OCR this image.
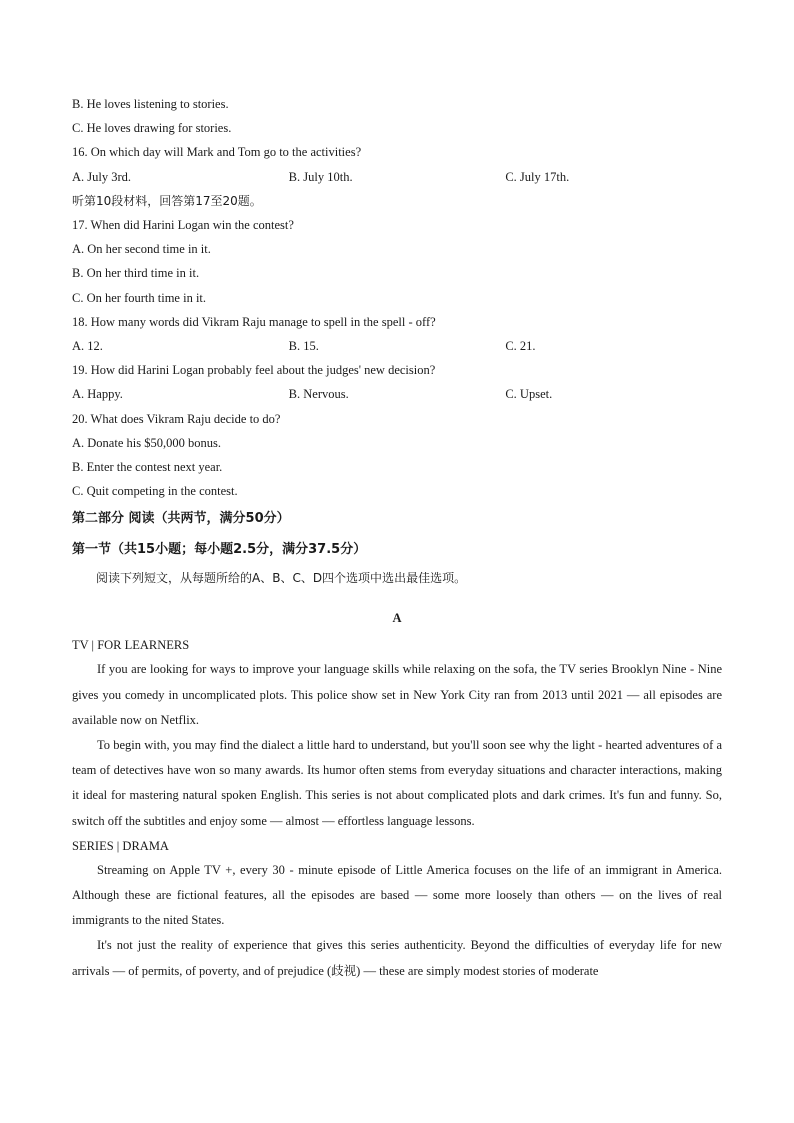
B. He loves listening to stories.
C. He loves drawing for stories.
16. On which day will Mark and Tom go to the activities?
A. July 3rd.	B. July 10th.	C. July 17th.
听第10段材料，回答第17至20题。
17. When did Harini Logan win the contest?
A. On her second time in it.
B. On her third time in it.
C. On her fourth time in it.
18. How many words did Vikram Raju manage to spell in the spell - off?
A. 12.	B. 15.	C. 21.
19. How did Harini Logan probably feel about the judges' new decision?
A. Happy.	B. Nervous.	C. Upset.
20. What does Vikram Raju decide to do?
A. Donate his $50,000 bonus.
B. Enter the contest next year.
C. Quit competing in the contest.
第二部分 阅读（共两节，满分50分）
第一节（共15小题；每小题2.5分，满分37.5分）
阅读下列短文，从每题所给的A、B、C、D四个选项中选出最佳选项。
A
TV | FOR LEARNERS

If you are looking for ways to improve your language skills while relaxing on the sofa, the TV series Brooklyn Nine - Nine gives you comedy in uncomplicated plots. This police show set in New York City ran from 2013 until 2021 — all episodes are available now on Netflix.

To begin with, you may find the dialect a little hard to understand, but you'll soon see why the light - hearted adventures of a team of detectives have won so many awards. Its humor often stems from everyday situations and character interactions, making it ideal for mastering natural spoken English. This series is not about complicated plots and dark crimes. It's fun and funny. So, switch off the subtitles and enjoy some — almost — effortless language lessons.

SERIES | DRAMA

Streaming on Apple TV +, every 30 - minute episode of Little America focuses on the life of an immigrant in America. Although these are fictional features, all the episodes are based — some more loosely than others — on the lives of real immigrants to the nited States.

It's not just the reality of experience that gives this series authenticity. Beyond the difficulties of everyday life for new arrivals — of permits, of poverty, and of prejudice (歧视) — these are simply modest stories of moderate
